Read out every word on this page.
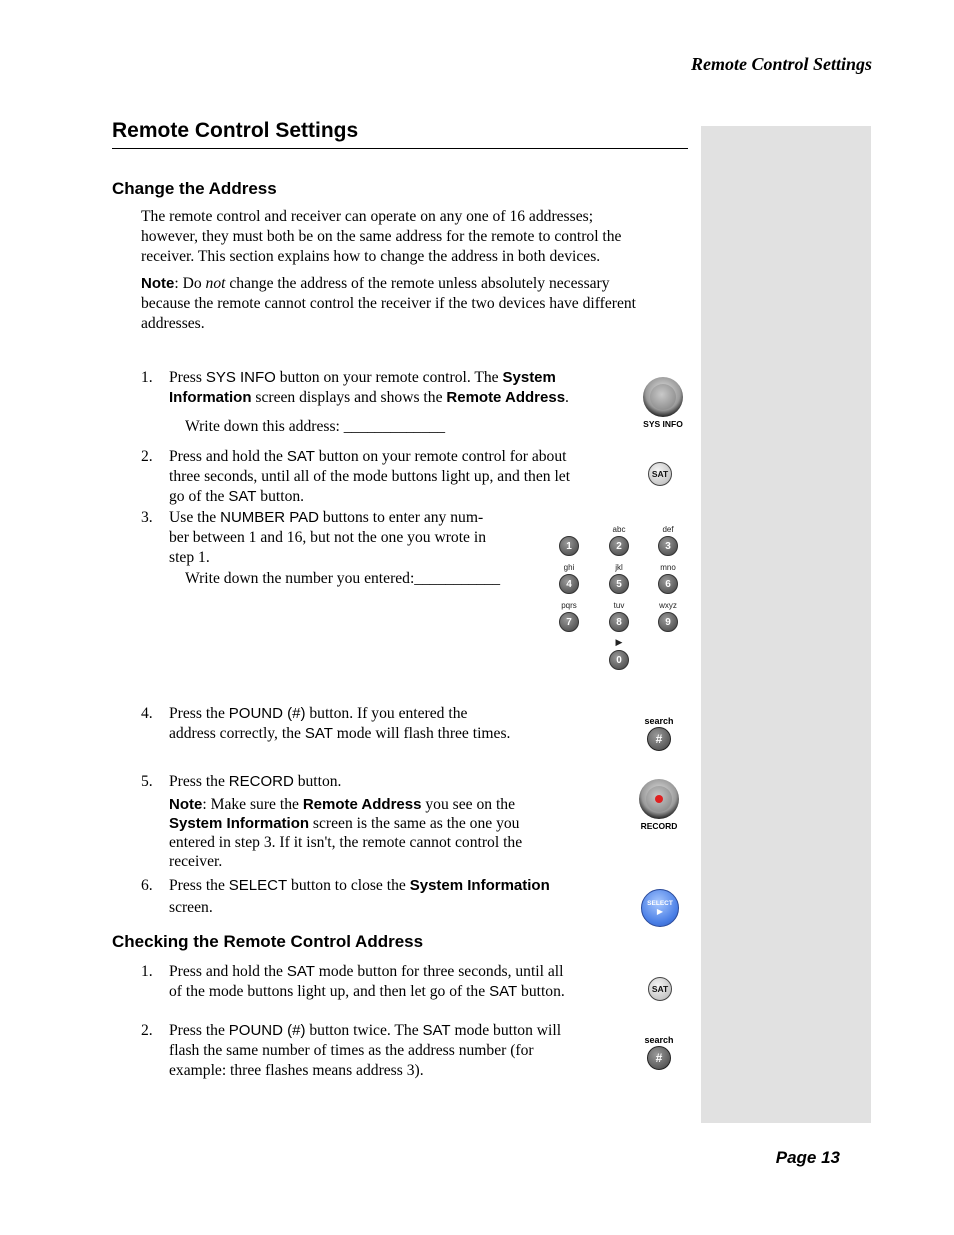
Remote Control Settings
Remote Control Settings
Change the Address
The remote control and receiver can operate on any one of 16 addresses;
however, they must both be on the same address for the remote to control the
receiver. This section explains how to change the address in both devices.
Note: Do not change the address of the remote unless absolutely necessary
because the remote cannot control the receiver if the two devices have different
addresses.
1. Press SYS INFO button on your remote control. The System
Information screen displays and shows the Remote Address.
Write down this address: _____________	SYS INFO
2. Press and hold the SAT button on your remote control for about
three seconds, until all of the mode buttons light up, and then let
go of the SAT button.
SAT
3. Use the NUMBER PAD buttons to enter any num-
ber between 1 and 16, but not the one you wrote in
step 1.
Write down the number you entered:___________
abc	def
1	2	3
ghi	jkl	mno
4	5	6
pqrs	tuv	wxyz
7	8	9
▶
0
4. Press the POUND (#) button. If you entered the
address correctly, the SAT mode will flash three times.
search
#
5. Press the RECORD button.
Note: Make sure the Remote Address you see on the
System Information screen is the same as the one you
entered in step 3. If it isn't, the remote cannot control the
receiver.
RECORD
6. Press the SELECT button to close the System Information
screen.	SELECT
▶
Checking the Remote Control Address
1. Press and hold the SAT mode button for three seconds, until all
of the mode buttons light up, and then let go of the SAT button.	SAT
2. Press the POUND (#) button twice. The SAT mode button will
flash the same number of times as the address number (for
example: three flashes means address 3).
search
#
Page 13
